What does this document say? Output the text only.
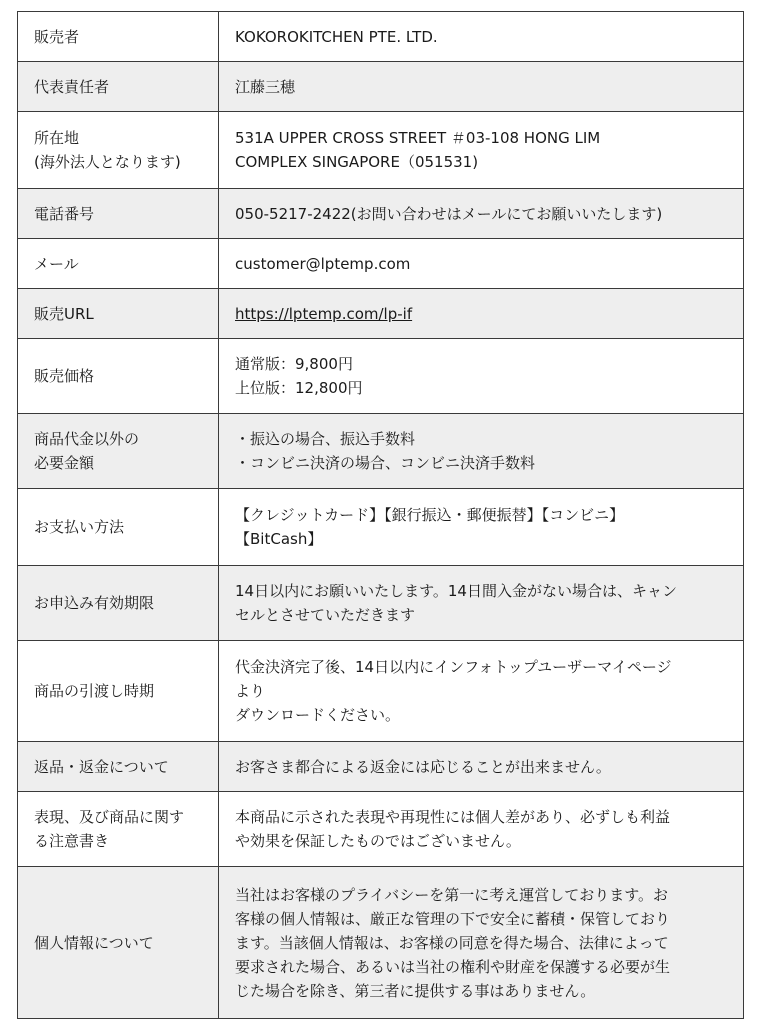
販売者	KOKOROKITCHEN PTE. LTD.

代表責任者	江藤三穂

所在地
(海外法人となります)	531A UPPER CROSS STREET ＃03-108 HONG LIM
COMPLEX SINGAPORE（051531)

電話番号	050-5217-2422(お問い合わせはメールにてお願いいたします)

メール	customer@lptemp.com

販売URL	https://lptemp.com/lp-if

販売価格	通常版：9,800円
上位版：12,800円

商品代金以外の
必要金額	・振込の場合、振込手数料
・コンビニ決済の場合、コンビニ決済手数料

お支払い方法	【クレジットカード】【銀行振込・郵便振替】【コンビニ】
【BitCash】

お申込み有効期限	14日以内にお願いいたします。14日間入金がない場合は、キャン
セルとさせていただきます

商品の引渡し時期	代金決済完了後、14日以内にインフォトップユーザーマイページ
より
ダウンロードください。

返品・返金について	お客さま都合による返金には応じることが出来ません。

表現、及び商品に関す
る注意書き	本商品に示された表現や再現性には個人差があり、必ずしも利益
や効果を保証したものではございません。

個人情報について	当社はお客様のプライバシーを第一に考え運営しております。お
客様の個人情報は、厳正な管理の下で安全に蓄積・保管しており
ます。当該個人情報は、お客様の同意を得た場合、法律によって
要求された場合、あるいは当社の権利や財産を保護する必要が生
じた場合を除き、第三者に提供する事はありません。
